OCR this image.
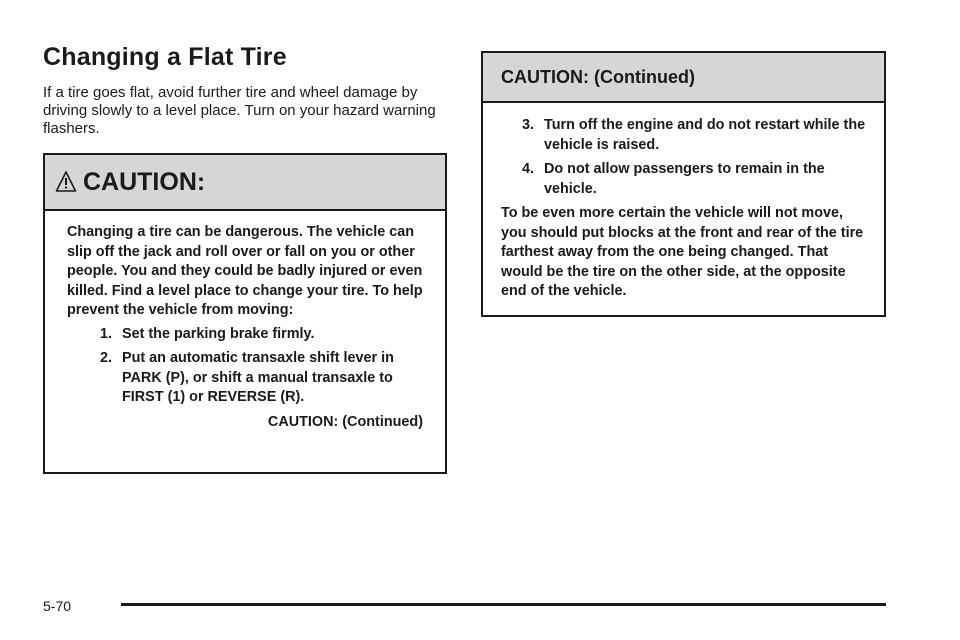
Changing a Flat Tire

If a tire goes flat, avoid further tire and wheel damage by driving slowly to a level place. Turn on your hazard warning flashers.

CAUTION:

Changing a tire can be dangerous. The vehicle can slip off the jack and roll over or fall on you or other people. You and they could be badly injured or even killed. Find a level place to change your tire. To help prevent the vehicle from moving:

1. Set the parking brake firmly.
2. Put an automatic transaxle shift lever in PARK (P), or shift a manual transaxle to FIRST (1) or REVERSE (R).
CAUTION: (Continued)
CAUTION: (Continued)
3. Turn off the engine and do not restart while the vehicle is raised.
4. Do not allow passengers to remain in the vehicle.

To be even more certain the vehicle will not move, you should put blocks at the front and rear of the tire farthest away from the one being changed. That would be the tire on the other side, at the opposite end of the vehicle.

5-70
